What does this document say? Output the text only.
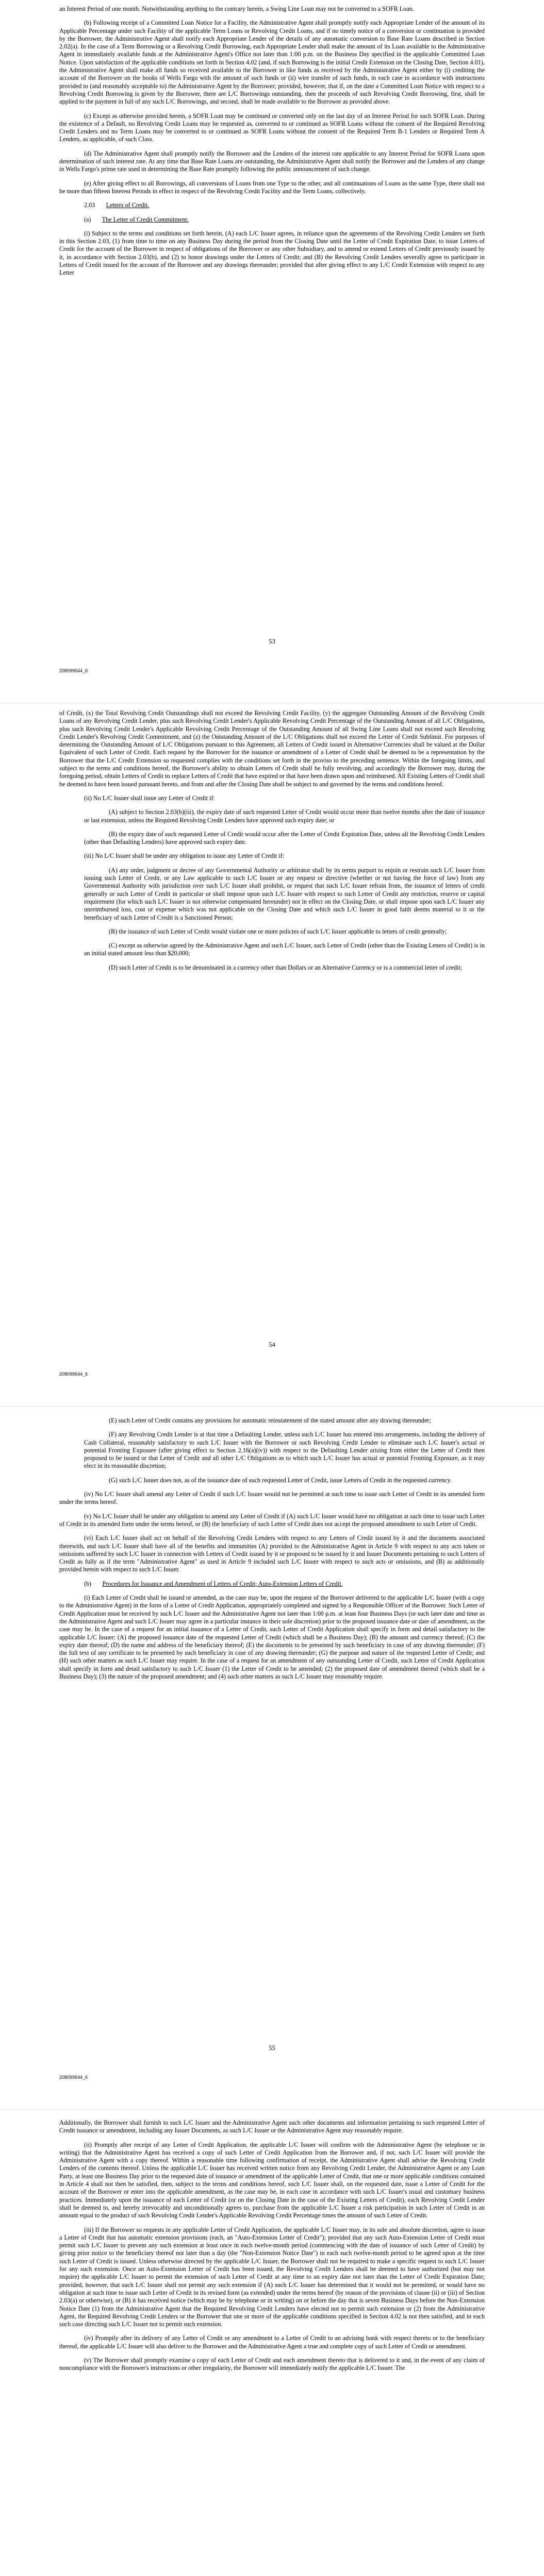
an Interest Period of one month. Notwithstanding anything to the contrary herein, a Swing Line Loan may not be converted to a SOFR Loan.

(b) Following receipt of a Committed Loan Notice for a Facility, the Administrative Agent shall promptly notify each Appropriate Lender of the amount of its Applicable Percentage under such Facility of the applicable Term Loans or Revolving Credit Loans, and if no timely notice of a conversion or continuation is provided by the Borrower, the Administrative Agent shall notify each Appropriate Lender of the details of any automatic conversion to Base Rate Loans described in Section 2.02(a). In the case of a Term Borrowing or a Revolving Credit Borrowing, each Appropriate Lender shall make the amount of its Loan available to the Administrative Agent in immediately available funds at the Administrative Agent's Office not later than 1:00 p.m. on the Business Day specified in the applicable Committed Loan Notice. Upon satisfaction of the applicable conditions set forth in Section 4.02 (and, if such Borrowing is the initial Credit Extension on the Closing Date, Section 4.01), the Administrative Agent shall make all funds so received available to the Borrower in like funds as received by the Administrative Agent either by (i) crediting the account of the Borrower on the books of Wells Fargo with the amount of such funds or (ii) wire transfer of such funds, in each case in accordance with instructions provided to (and reasonably acceptable to) the Administrative Agent by the Borrower; provided, however, that if, on the date a Committed Loan Notice with respect to a Revolving Credit Borrowing is given by the Borrower, there are L/C Borrowings outstanding, then the proceeds of such Revolving Credit Borrowing, first, shall be applied to the payment in full of any such L/C Borrowings, and second, shall be made available to the Borrower as provided above.

(c) Except as otherwise provided herein, a SOFR Loan may be continued or converted only on the last day of an Interest Period for such SOFR Loan. During the existence of a Default, no Revolving Credit Loans may be requested as, converted to or continued as SOFR Loans without the consent of the Required Revolving Credit Lenders and no Term Loans may be converted to or continued as SOFR Loans without the consent of the Required Term B-1 Lenders or Required Term A Lenders, as applicable, of such Class.

(d) The Administrative Agent shall promptly notify the Borrower and the Lenders of the interest rate applicable to any Interest Period for SOFR Loans upon determination of such interest rate. At any time that Base Rate Loans are outstanding, the Administrative Agent shall notify the Borrower and the Lenders of any change in Wells Fargo's prime rate used in determining the Base Rate promptly following the public announcement of such change.

(e) After giving effect to all Borrowings, all conversions of Loans from one Type to the other, and all continuations of Loans as the same Type, there shall not be more than fifteen Interest Periods in effect in respect of the Revolving Credit Facility and the Term Loans, collectively.

2.03 Letters of Credit.

(a) The Letter of Credit Commitment.

(i) Subject to the terms and conditions set forth herein, (A) each L/C Issuer agrees, in reliance upon the agreements of the Revolving Credit Lenders set forth in this Section 2.03, (1) from time to time on any Business Day during the period from the Closing Date until the Letter of Credit Expiration Date, to issue Letters of Credit for the account of the Borrower in respect of obligations of the Borrower or any other Subsidiary, and to amend or extend Letters of Credit previously issued by it, in accordance with Section 2.03(b), and (2) to honor drawings under the Letters of Credit; and (B) the Revolving Credit Lenders severally agree to participate in Letters of Credit issued for the account of the Borrower and any drawings thereunder; provided that after giving effect to any L/C Credit Extension with respect to any Letter

53
208099544_6

of Credit, (x) the Total Revolving Credit Outstandings shall not exceed the Revolving Credit Facility, (y) the aggregate Outstanding Amount of the Revolving Credit Loans of any Revolving Credit Lender, plus such Revolving Credit Lender's Applicable Revolving Credit Percentage of the Outstanding Amount of all L/C Obligations, plus such Revolving Credit Lender's Applicable Revolving Credit Percentage of the Outstanding Amount of all Swing Line Loans shall not exceed such Revolving Credit Lender's Revolving Credit Commitment, and (z) the Outstanding Amount of the L/C Obligations shall not exceed the Letter of Credit Sublimit. For purposes of determining the Outstanding Amount of L/C Obligations pursuant to this Agreement, all Letters of Credit issued in Alternative Currencies shall be valued at the Dollar Equivalent of such Letter of Credit. Each request by the Borrower for the issuance or amendment of a Letter of Credit shall be deemed to be a representation by the Borrower that the L/C Credit Extension so requested complies with the conditions set forth in the proviso to the preceding sentence. Within the foregoing limits, and subject to the terms and conditions hereof, the Borrower's ability to obtain Letters of Credit shall be fully revolving, and accordingly the Borrower may, during the foregoing period, obtain Letters of Credit to replace Letters of Credit that have expired or that have been drawn upon and reimbursed. All Existing Letters of Credit shall be deemed to have been issued pursuant hereto, and from and after the Closing Date shall be subject to and governed by the terms and conditions hereof.

(ii) No L/C Issuer shall issue any Letter of Credit if:

(A) subject to Section 2.03(b)(iii), the expiry date of such requested Letter of Credit would occur more than twelve months after the date of issuance or last extension, unless the Required Revolving Credit Lenders have approved such expiry date; or

(B) the expiry date of such requested Letter of Credit would occur after the Letter of Credit Expiration Date, unless all the Revolving Credit Lenders (other than Defaulting Lenders) have approved such expiry date.

(iii) No L/C Issuer shall be under any obligation to issue any Letter of Credit if:

(A) any order, judgment or decree of any Governmental Authority or arbitrator shall by its terms purport to enjoin or restrain such L/C Issuer from issuing such Letter of Credit, or any Law applicable to such L/C Issuer or any request or directive (whether or not having the force of law) from any Governmental Authority with jurisdiction over such L/C Issuer shall prohibit, or request that such L/C Issuer refrain from, the issuance of letters of credit generally or such Letter of Credit in particular or shall impose upon such L/C Issuer with respect to such Letter of Credit any restriction, reserve or capital requirement (for which such L/C Issuer is not otherwise compensated hereunder) not in effect on the Closing Date, or shall impose upon such L/C Issuer any unreimbursed loss, cost or expense which was not applicable on the Closing Date and which such L/C Issuer in good faith deems material to it or the beneficiary of such Letter of Credit is a Sanctioned Person;

(B) the issuance of such Letter of Credit would violate one or more policies of such L/C Issuer applicable to letters of credit generally;

(C) except as otherwise agreed by the Administrative Agent and such L/C Issuer, such Letter of Credit (other than the Existing Letters of Credit) is in an initial stated amount less than $20,000;

(D) such Letter of Credit is to be denominated in a currency other than Dollars or an Alternative Currency or is a commercial letter of credit;

54
208099544_6

(E) such Letter of Credit contains any provisions for automatic reinstatement of the stated amount after any drawing thereunder;

(F) any Revolving Credit Lender is at that time a Defaulting Lender, unless such L/C Issuer has entered into arrangements, including the delivery of Cash Collateral, reasonably satisfactory to such L/C Issuer with the Borrower or such Revolving Credit Lender to eliminate such L/C Issuer's actual or potential Fronting Exposure (after giving effect to Section 2.16(a)(iv)) with respect to the Defaulting Lender arising from either the Letter of Credit then proposed to be issued or that Letter of Credit and all other L/C Obligations as to which such L/C Issuer has actual or potential Fronting Exposure, as it may elect in its reasonable discretion;

(G) such L/C Issuer does not, as of the issuance date of such requested Letter of Credit, issue Letters of Credit in the requested currency.

(iv) No L/C Issuer shall amend any Letter of Credit if such L/C Issuer would not be permitted at such time to issue such Letter of Credit in its amended form under the terms hereof.

(v) No L/C Issuer shall be under any obligation to amend any Letter of Credit if (A) such L/C Issuer would have no obligation at such time to issue such Letter of Credit in its amended form under the terms hereof, or (B) the beneficiary of such Letter of Credit does not accept the proposed amendment to such Letter of Credit.

(vi) Each L/C Issuer shall act on behalf of the Revolving Credit Lenders with respect to any Letters of Credit issued by it and the documents associated therewith, and such L/C Issuer shall have all of the benefits and immunities (A) provided to the Administrative Agent in Article 9 with respect to any acts taken or omissions suffered by such L/C Issuer in connection with Letters of Credit issued by it or proposed to be issued by it and Issuer Documents pertaining to such Letters of Credit as fully as if the term "Administrative Agent" as used in Article 9 included such L/C Issuer with respect to such acts or omissions, and (B) as additionally provided herein with respect to such L/C Issuer.

(b) Procedures for Issuance and Amendment of Letters of Credit; Auto-Extension Letters of Credit.

(i) Each Letter of Credit shall be issued or amended, as the case may be, upon the request of the Borrower delivered to the applicable L/C Issuer (with a copy to the Administrative Agent) in the form of a Letter of Credit Application, appropriately completed and signed by a Responsible Officer of the Borrower. Such Letter of Credit Application must be received by such L/C Issuer and the Administrative Agent not later than 1:00 p.m. at least four Business Days (or such later date and time as the Administrative Agent and such L/C Issuer may agree in a particular instance in their sole discretion) prior to the proposed issuance date or date of amendment, as the case may be. In the case of a request for an initial issuance of a Letter of Credit, such Letter of Credit Application shall specify in form and detail satisfactory to the applicable L/C Issuer: (A) the proposed issuance date of the requested Letter of Credit (which shall be a Business Day); (B) the amount and currency thereof; (C) the expiry date thereof; (D) the name and address of the beneficiary thereof; (E) the documents to be presented by such beneficiary in case of any drawing thereunder; (F) the full text of any certificate to be presented by such beneficiary in case of any drawing thereunder; (G) the purpose and nature of the requested Letter of Credit; and (H) such other matters as such L/C Issuer may require. In the case of a request for an amendment of any outstanding Letter of Credit, such Letter of Credit Application shall specify in form and detail satisfactory to such L/C Issuer (1) the Letter of Credit to be amended; (2) the proposed date of amendment thereof (which shall be a Business Day); (3) the nature of the proposed amendment; and (4) such other matters as such L/C Issuer may reasonably require.

55
208099544_6

Additionally, the Borrower shall furnish to such L/C Issuer and the Administrative Agent such other documents and information pertaining to such requested Letter of Credit issuance or amendment, including any Issuer Documents, as such L/C Issuer or the Administrative Agent may reasonably require.

(ii) Promptly after receipt of any Letter of Credit Application, the applicable L/C Issuer will confirm with the Administrative Agent (by telephone or in writing) that the Administrative Agent has received a copy of such Letter of Credit Application from the Borrower and, if not, such L/C Issuer will provide the Administrative Agent with a copy thereof. Within a reasonable time following confirmation of receipt, the Administrative Agent shall advise the Revolving Credit Lenders of the contents thereof. Unless the applicable L/C Issuer has received written notice from any Revolving Credit Lender, the Administrative Agent or any Loan Party, at least one Business Day prior to the requested date of issuance or amendment of the applicable Letter of Credit, that one or more applicable conditions contained in Article 4 shall not then be satisfied, then, subject to the terms and conditions hereof, such L/C Issuer shall, on the requested date, issue a Letter of Credit for the account of the Borrower or enter into the applicable amendment, as the case may be, in each case in accordance with such L/C Issuer's usual and customary business practices. Immediately upon the issuance of each Letter of Credit (or on the Closing Date in the case of the Existing Letters of Credit), each Revolving Credit Lender shall be deemed to, and hereby irrevocably and unconditionally agrees to, purchase from the applicable L/C Issuer a risk participation in such Letter of Credit in an amount equal to the product of such Revolving Credit Lender's Applicable Revolving Credit Percentage times the amount of such Letter of Credit.

(iii) If the Borrower so requests in any applicable Letter of Credit Application, the applicable L/C Issuer may, in its sole and absolute discretion, agree to issue a Letter of Credit that has automatic extension provisions (each, an "Auto-Extension Letter of Credit"); provided that any such Auto-Extension Letter of Credit must permit such L/C Issuer to prevent any such extension at least once in each twelve-month period (commencing with the date of issuance of such Letter of Credit) by giving prior notice to the beneficiary thereof not later than a day (the "Non-Extension Notice Date") in each such twelve-month period to be agreed upon at the time such Letter of Credit is issued. Unless otherwise directed by the applicable L/C Issuer, the Borrower shall not be required to make a specific request to such L/C Issuer for any such extension. Once an Auto-Extension Letter of Credit has been issued, the Revolving Credit Lenders shall be deemed to have authorized (but may not require) the applicable L/C Issuer to permit the extension of such Letter of Credit at any time to an expiry date not later than the Letter of Credit Expiration Date; provided, however, that such L/C Issuer shall not permit any such extension if (A) such L/C Issuer has determined that it would not be permitted, or would have no obligation at such time to issue such Letter of Credit in its revised form (as extended) under the terms hereof (by reason of the provisions of clause (ii) or (iii) of Section 2.03(a) or otherwise), or (B) it has received notice (which may be by telephone or in writing) on or before the day that is seven Business Days before the Non-Extension Notice Date (1) from the Administrative Agent that the Required Revolving Credit Lenders have elected not to permit such extension or (2) from the Administrative Agent, the Required Revolving Credit Lenders or the Borrower that one or more of the applicable conditions specified in Section 4.02 is not then satisfied, and in each such case directing such L/C Issuer not to permit such extension.

(iv) Promptly after its delivery of any Letter of Credit or any amendment to a Letter of Credit to an advising bank with respect thereto or to the beneficiary thereof, the applicable L/C Issuer will also deliver to the Borrower and the Administrative Agent a true and complete copy of such Letter of Credit or amendment.

(v) The Borrower shall promptly examine a copy of each Letter of Credit and each amendment thereto that is delivered to it and, in the event of any claim of noncompliance with the Borrower's instructions or other irregularity, the Borrower will immediately notify the applicable L/C Issuer. The
